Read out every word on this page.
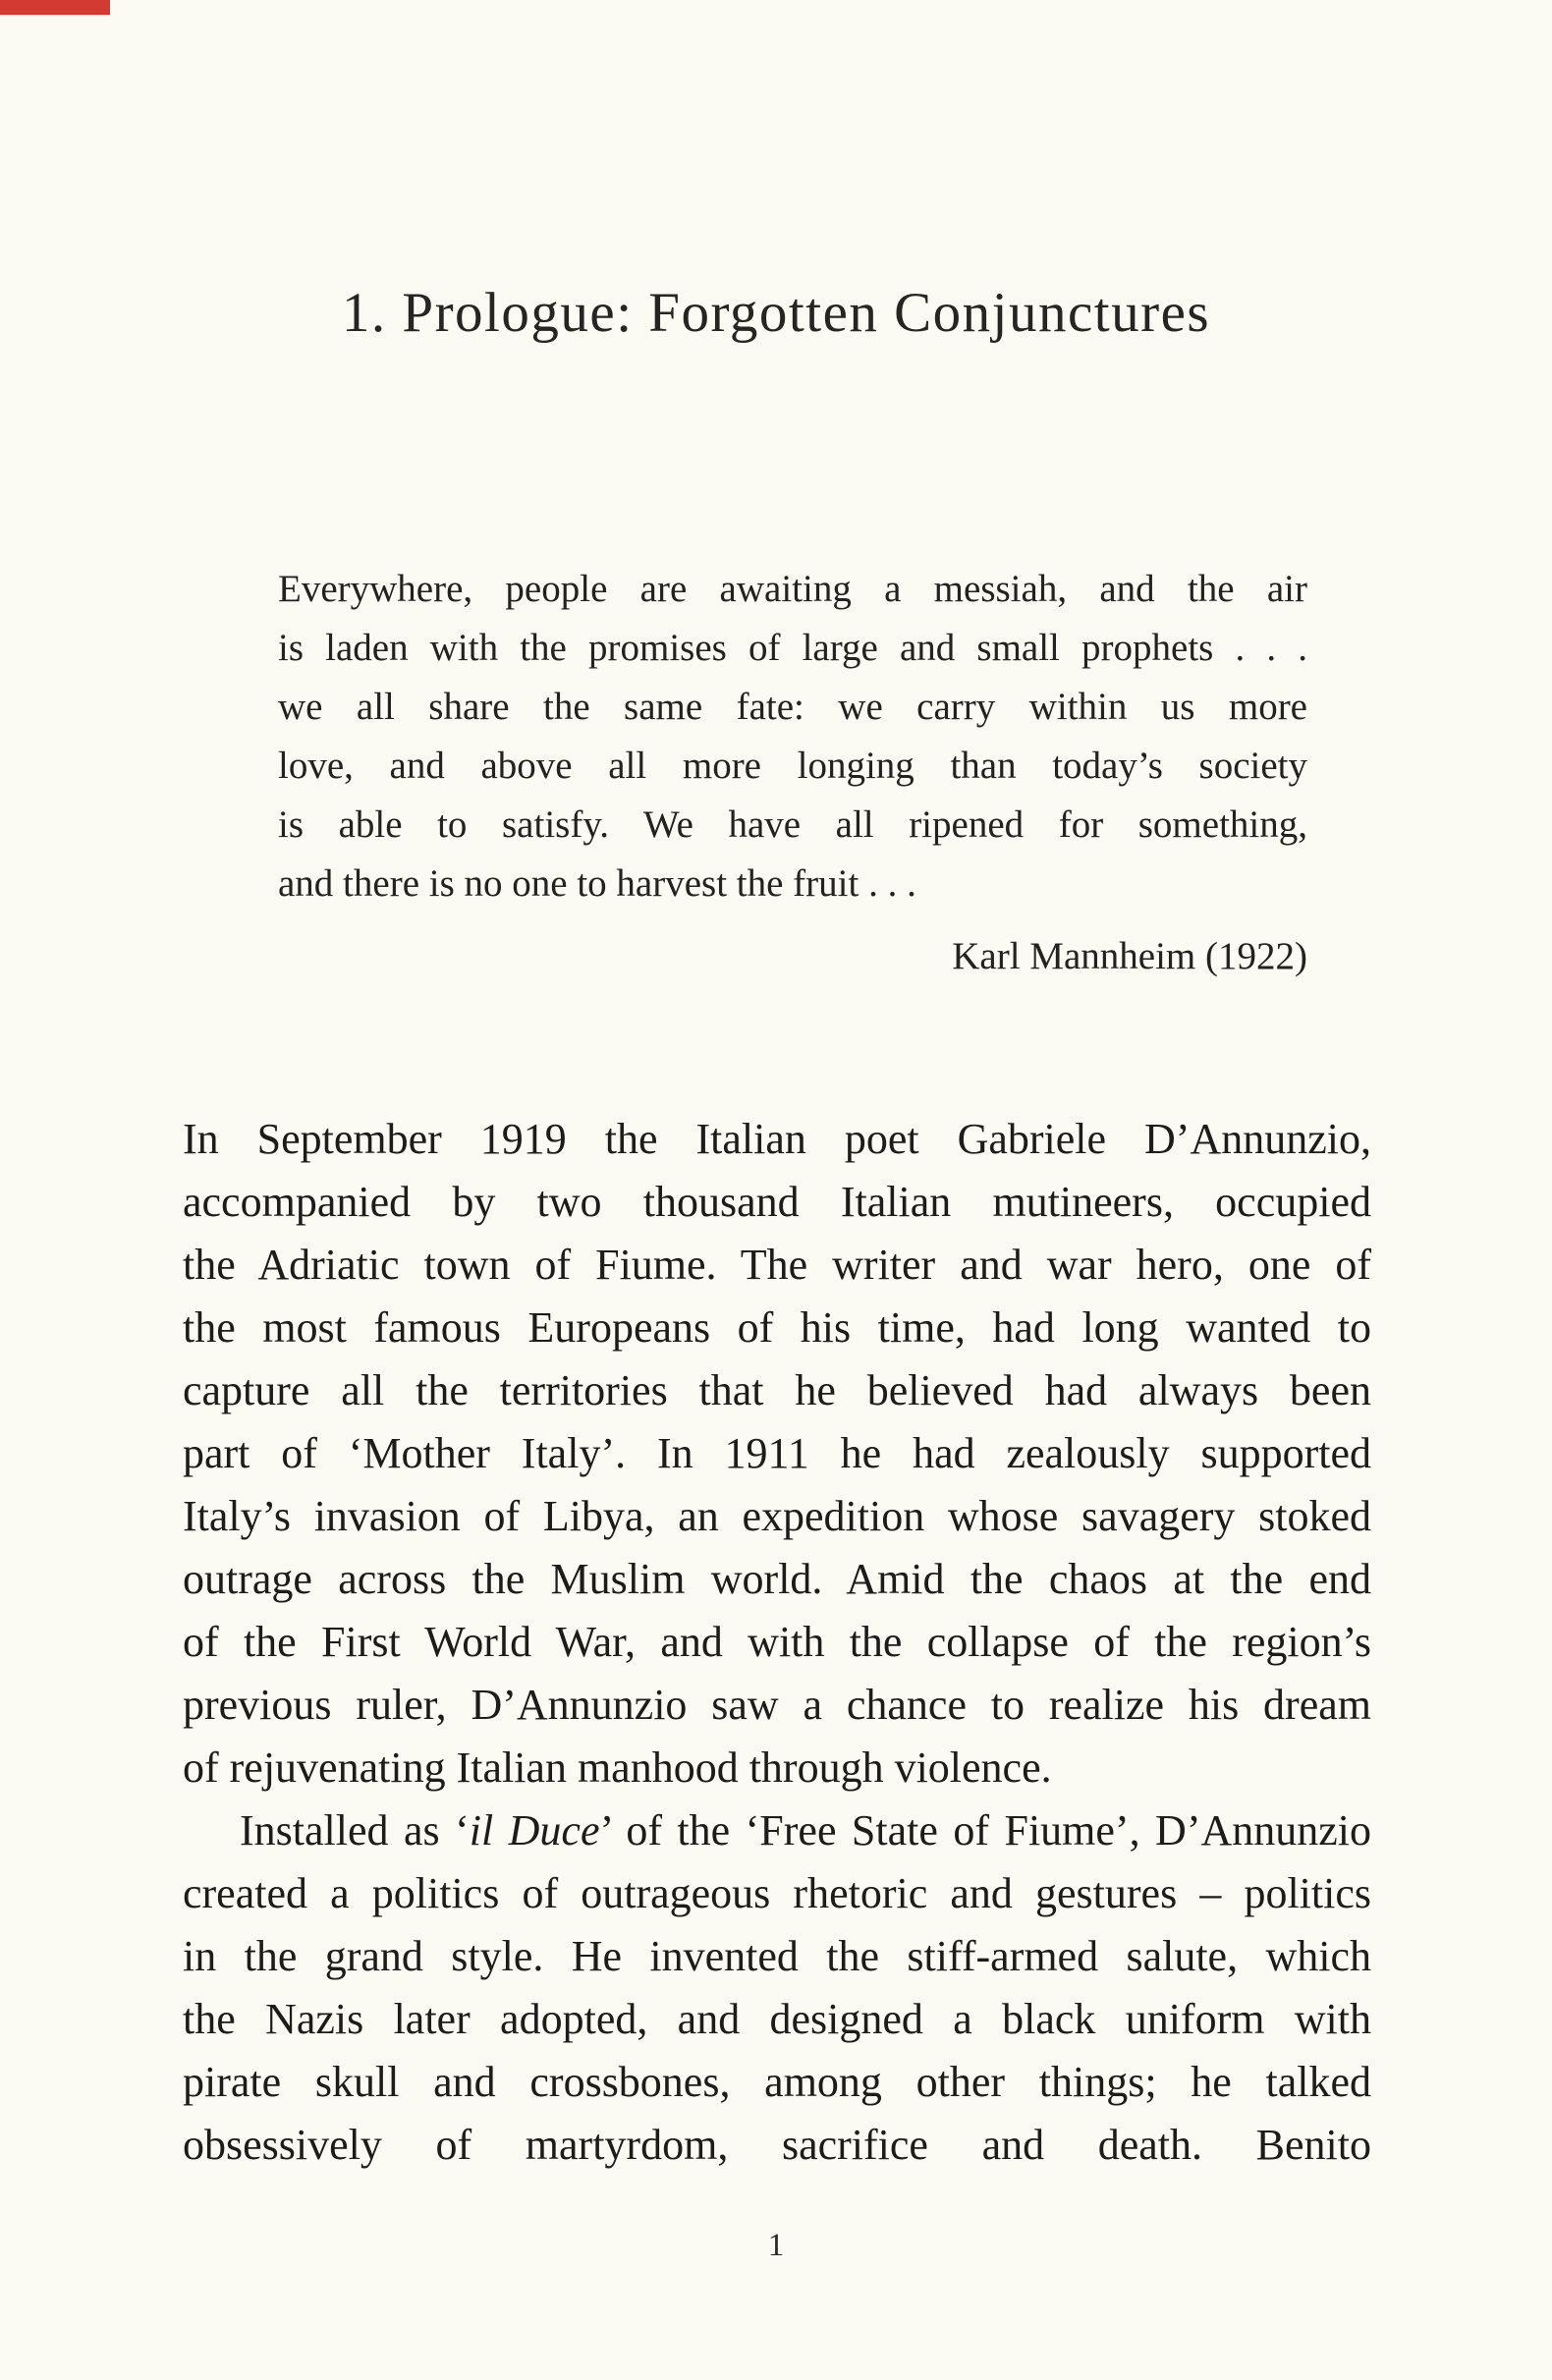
1. Prologue: Forgotten Conjunctures
Everywhere, people are awaiting a messiah, and the air
is laden with the promises of large and small prophets . . .
we all share the same fate: we carry within us more
love, and above all more longing than today’s society
is able to satisfy. We have all ripened for something,
and there is no one to harvest the fruit . . .
Karl Mannheim (1922)
In September 1919 the Italian poet Gabriele D’Annunzio,
accompanied by two thousand Italian mutineers, occupied
the Adriatic town of Fiume. The writer and war hero, one of
the most famous Europeans of his time, had long wanted to
capture all the territories that he believed had always been
part of ‘Mother Italy’. In 1911 he had zealously supported
Italy’s invasion of Libya, an expedition whose savagery stoked
outrage across the Muslim world. Amid the chaos at the end
of the First World War, and with the collapse of the region’s
previous ruler, D’Annunzio saw a chance to realize his dream
of rejuvenating Italian manhood through violence.
Installed as ‘il Duce’ of the ‘Free State of Fiume’, D’Annunzio
created a politics of outrageous rhetoric and gestures – politics
in the grand style. He invented the stiff-armed salute, which
the Nazis later adopted, and designed a black uniform with
pirate skull and crossbones, among other things; he talked
obsessively of martyrdom, sacrifice and death. Benito
1
